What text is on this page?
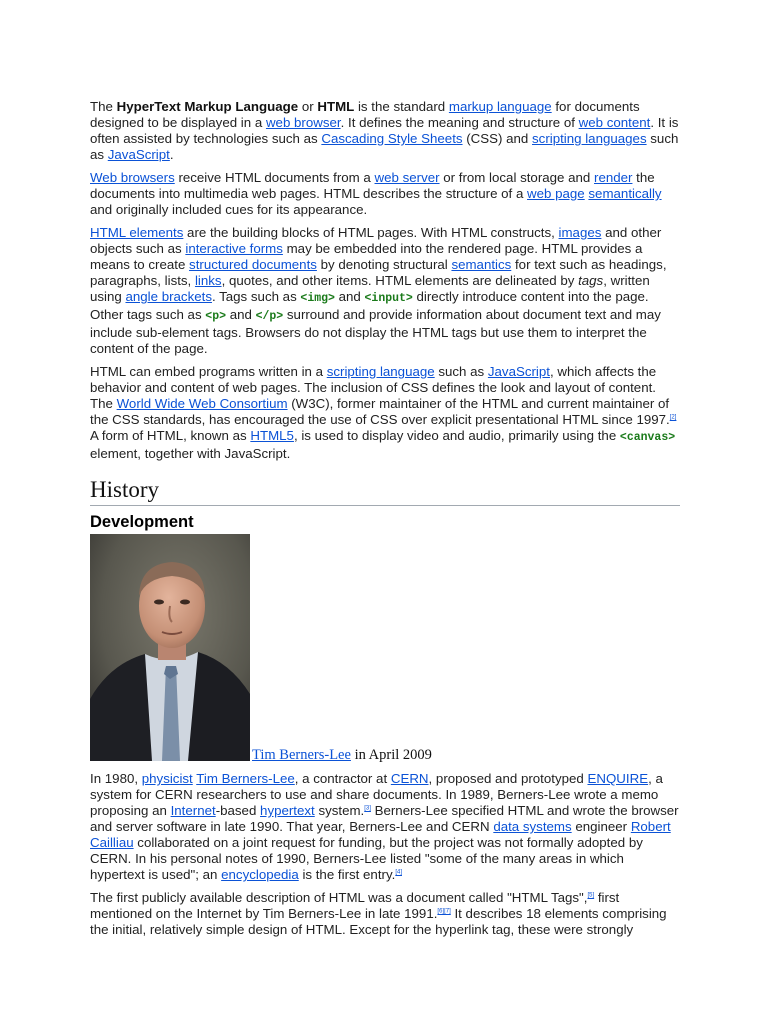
The HyperText Markup Language or HTML is the standard markup language for documents designed to be displayed in a web browser. It defines the meaning and structure of web content. It is often assisted by technologies such as Cascading Style Sheets (CSS) and scripting languages such as JavaScript.

Web browsers receive HTML documents from a web server or from local storage and render the documents into multimedia web pages. HTML describes the structure of a web page semantically and originally included cues for its appearance.

HTML elements are the building blocks of HTML pages. With HTML constructs, images and other objects such as interactive forms may be embedded into the rendered page. HTML provides a means to create structured documents by denoting structural semantics for text such as headings, paragraphs, lists, links, quotes, and other items. HTML elements are delineated by tags, written using angle brackets. Tags such as <img> and <input> directly introduce content into the page. Other tags such as <p> and </p> surround and provide information about document text and may include sub-element tags. Browsers do not display the HTML tags but use them to interpret the content of the page.

HTML can embed programs written in a scripting language such as JavaScript, which affects the behavior and content of web pages. The inclusion of CSS defines the look and layout of content. The World Wide Web Consortium (W3C), former maintainer of the HTML and current maintainer of the CSS standards, has encouraged the use of CSS over explicit presentational HTML since 1997.[2] A form of HTML, known as HTML5, is used to display video and audio, primarily using the <canvas> element, together with JavaScript.

History
Development
Tim Berners-Lee in April 2009

In 1980, physicist Tim Berners-Lee, a contractor at CERN, proposed and prototyped ENQUIRE, a system for CERN researchers to use and share documents. In 1989, Berners-Lee wrote a memo proposing an Internet-based hypertext system.[3] Berners-Lee specified HTML and wrote the browser and server software in late 1990. That year, Berners-Lee and CERN data systems engineer Robert Cailliau collaborated on a joint request for funding, but the project was not formally adopted by CERN. In his personal notes of 1990, Berners-Lee listed "some of the many areas in which hypertext is used"; an encyclopedia is the first entry.[4]

The first publicly available description of HTML was a document called "HTML Tags",[5] first mentioned on the Internet by Tim Berners-Lee in late 1991.[6][7] It describes 18 elements comprising the initial, relatively simple design of HTML. Except for the hyperlink tag, these were strongly
